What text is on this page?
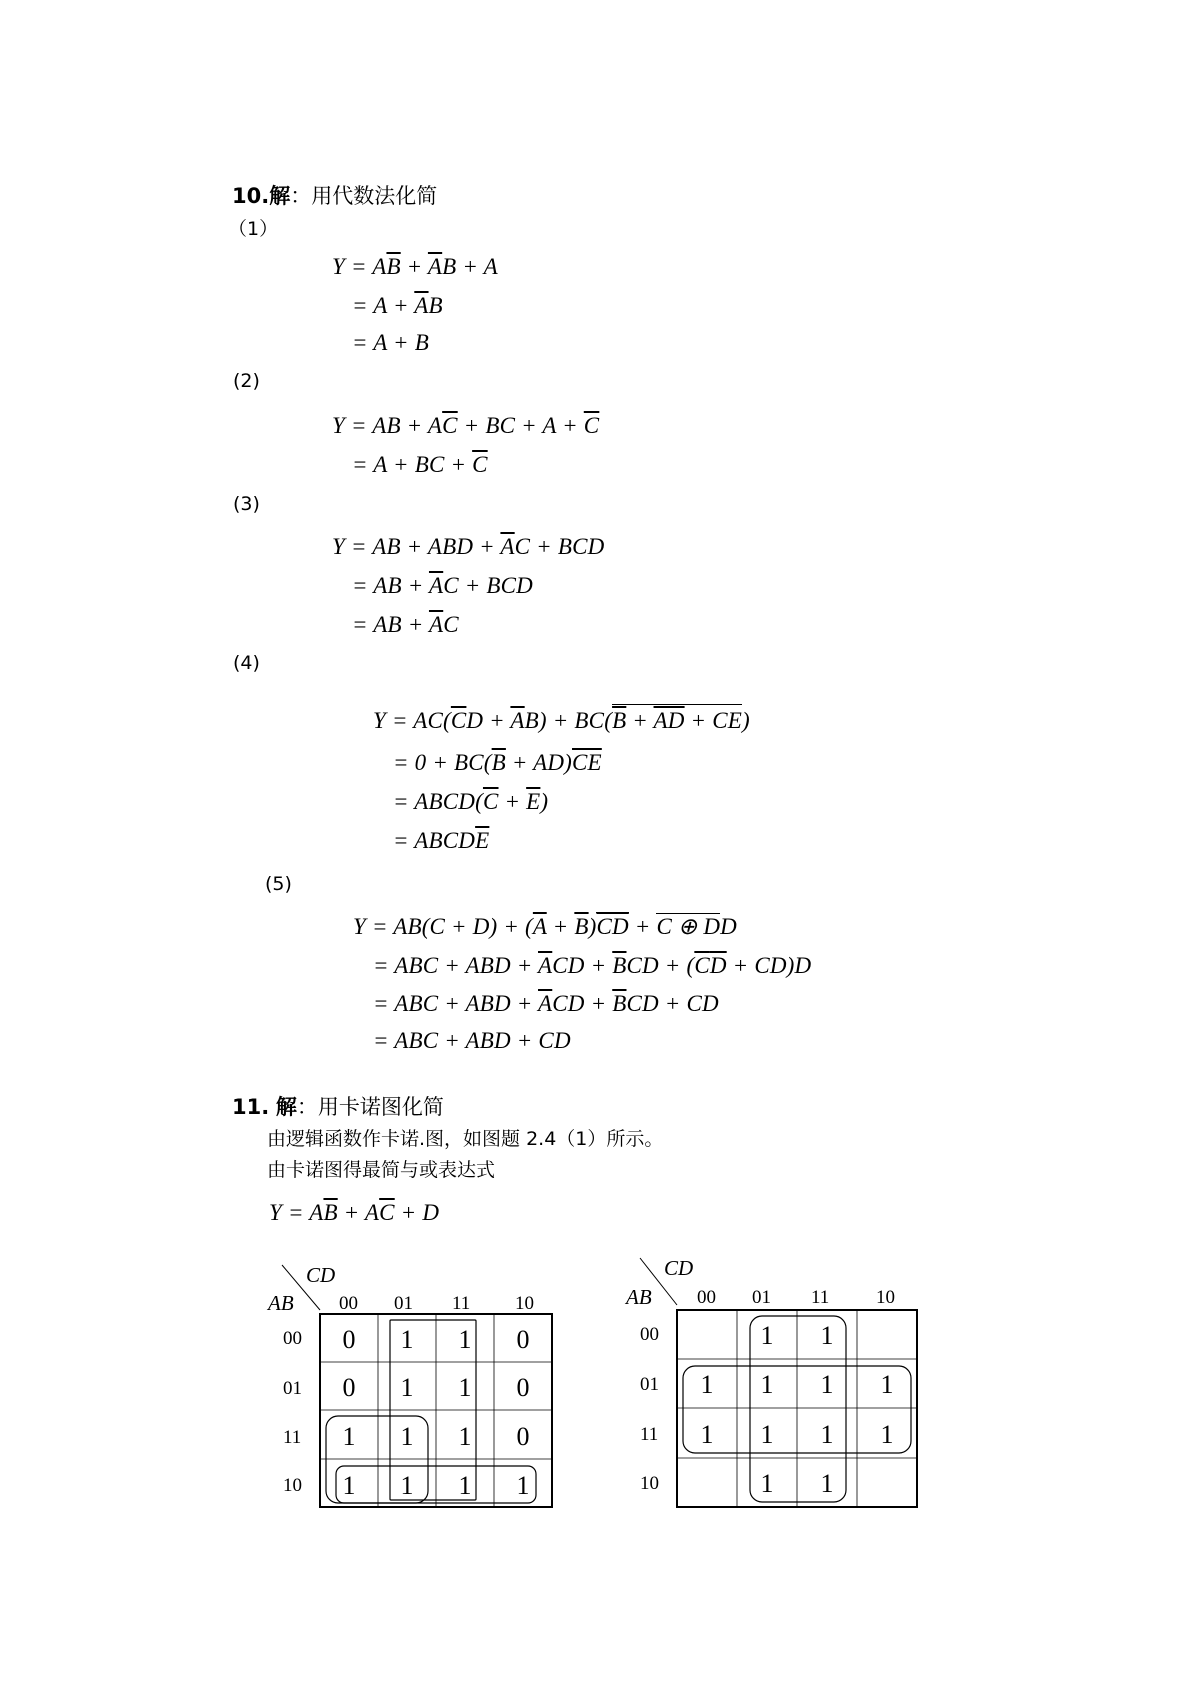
10.解：用代数法化简
（1）
$Y = A\overline{B} + \overline{A}B + A$
= $A + \overline{A}B$
= A + B
(2)
Y = AB + $A\overline{C}$ + BC + $A + \overline{C}$
= A + BC + $\overline{C}$
(3)
Y = AB + ABD + $\overline{A}C$ + BCD
= AB + $\overline{A}C$ + BCD
= AB + $\overline{A}C$
(4)
$Y = AC(\overline{C}D + \overline{A}B) + BC(\overline{B} + \overline{AD} + CE)$
= $0 + BC(\overline{B} + AD)\overline{CE}$
= $ABCD(\overline{C} + \overline{E})$
= $ABCD\overline{E}$
(5)
$Y = AB(C + D) + (\overline{A} + \overline{B})\overline{CD} + C$ ⊕ DD
= ABC + ABD + $\overline{A}CD + \overline{B}CD + (\overline{C}\overline{D} + CD)D$
= ABC + ABD + $\overline{A}CD + \overline{B}CD$ + CD
= ABC + ABD + CD
11. 解：用卡诺图化简
由逻辑函数作卡诺.图，如图题 2.4（1）所示。
由卡诺图得最简与或表达式
$Y = A\overline{B} + A\overline{C} + D$
CD
AB 00 01 11 10
00
01
11
10
0 1 1 0
0 1 1 0
1 1 1 0
1 1 1 1
CD
AB 00 01 11 10
00
01
11
10
1 1
1 1 1 1
1 1 1 1
1 1
